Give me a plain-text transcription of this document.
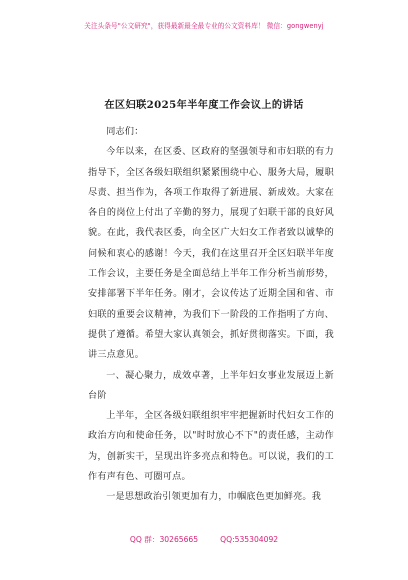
关注头条号"公文研究"，获得最新最全最专业的公文资料库！ 微信：gongwenyj
在区妇联2025年半年度工作会议上的讲话

同志们：

今年以来，在区委、区政府的坚强领导和市妇联的有力指导下，全区各级妇联组织紧紧围绕中心、服务大局，履职尽责、担当作为，各项工作取得了新进展、新成效。大家在各自的岗位上付出了辛勤的努力，展现了妇联干部的良好风貌。在此，我代表区委，向全区广大妇女工作者致以诚挚的问候和衷心的感谢！今天，我们在这里召开全区妇联半年度工作会议，主要任务是全面总结上半年工作分析当前形势，安排部署下半年任务。刚才，会议传达了近期全国和省、市妇联的重要会议精神，为我们下一阶段的工作指明了方向、提供了遵循。希望大家认真领会，抓好贯彻落实。下面，我讲三点意见。

一、凝心聚力，成效卓著，上半年妇女事业发展迈上新台阶

上半年，全区各级妇联组织牢牢把握新时代妇女工作的政治方向和使命任务，以"时时放心不下"的责任感，主动作为，创新实干，呈现出许多亮点和特色。可以说，我们的工作有声有色、可圈可点。

一是思想政治引领更加有力，巾帼底色更加鲜亮。我

QQ 群：30265665	QQ:535304092
